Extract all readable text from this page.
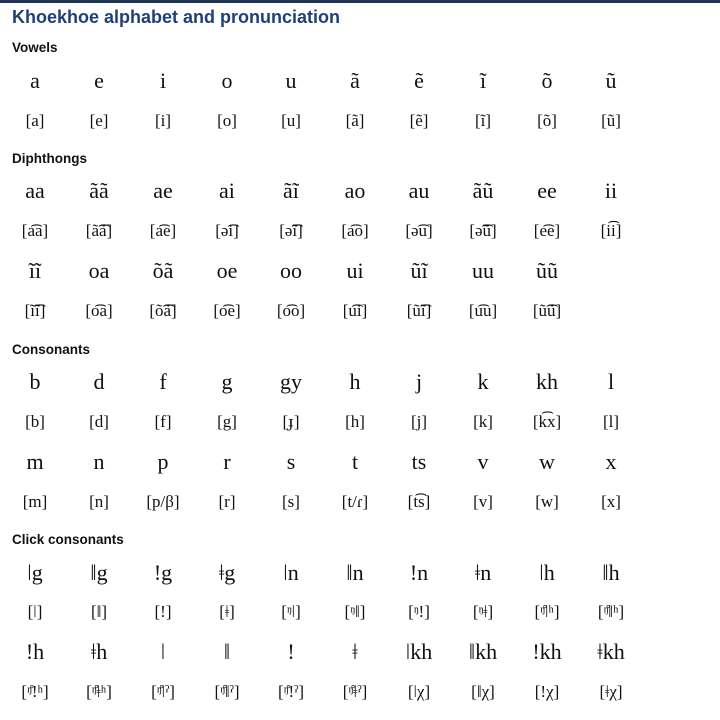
Khoekhoe alphabet and pronunciation
Vowels
a	e	i	o	u	ã	ẽ	ĩ	õ	ũ
[a]	[e]	[i]	[o]	[u]	[ã]	[ẽ]	[ĩ]	[õ]	[ũ]
Diphthongs
aa	ãã	ae	ai	ãĩ	ao	au	ãũ	ee	ii
[a͡a]	[ã͡ã]	[a͡e]	[ə͡i]	[ə̃͡ĩ]	[a͡o]	[ə͡u]	[ə̃͡ũ]	[e͡e]	[i͡i]
ĩĩ	oa	õã	oe	oo	ui	ũĩ	uu	ũũ
[ĩ͡ĩ]	[o͡a]	[õ͡ã]	[o͡e]	[o͡o]	[u͡i]	[ũ͡ĩ]	[u͡u]	[ũ͡ũ]
Consonants
b	d	f	g	gy	h	j	k	kh	l
[b]	[d]	[f]	[g]	[ɟ]	[h]	[j]	[k]	[k͡x]	[l]
m	n	p	r	s	t	ts	v	w	x
[m]	[n]	[p/β]	[r]	[s]	[t/ɾ]	[t͡s]	[v]	[w]	[x]
Click consonants
ǀg	ǁg	!g	ǂg	ǀn	ǁn	!n	ǂn	ǀh	ǁh
[ǀ]	[ǁ]	[ǃ]	[ǂ]	[ᵑǀ]	[ᵑǁ]	[ᵑǃ]	[ᵑǂ]	[ᵑ̊ǀʰ]	[ᵑ̊ǁʰ]
!h	ǂh	ǀ	ǁ	!	ǂ	ǀkh	ǁkh	!kh	ǂkh
[ᵑ̊ǃʰ]	[ᵑ̊ǂʰ]	[ᵑ̊ǀˀ]	[ᵑ̊ǁˀ]	[ᵑ̊ǃˀ]	[ᵑ̊ǂˀ]	[ǀχ]	[ǁχ]	[ǃχ]	[ǂχ]
